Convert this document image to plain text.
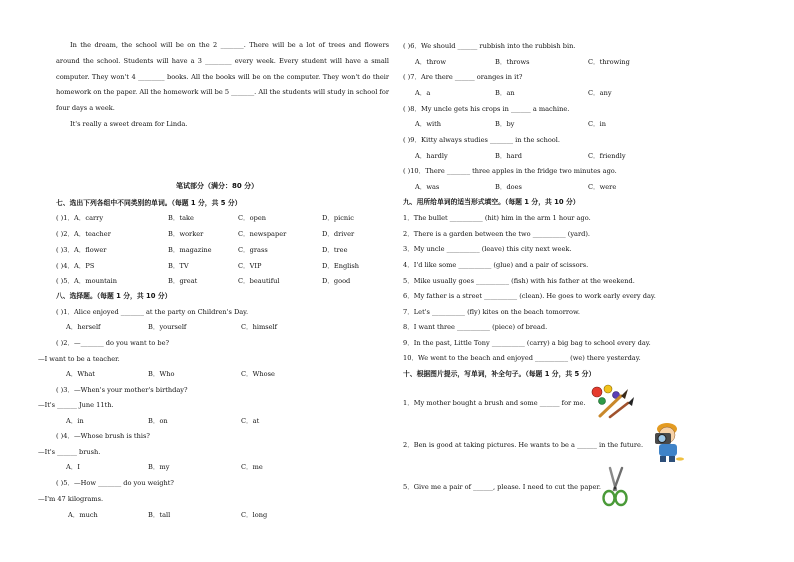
In the dream, the school will be on the 2 _______. There will be a lot of trees and flowers around the school. Students will have a 3 ________ every week. Every student will have a small computer. They won't 4 ________ books. All the books will be on the computer. They won't do their homework on the paper. All the homework will be 5 _______. All the students will study in school for four days a week.
It's really a sweet dream for Linda.
笔试部分（满分：80 分）
七、选出下列各组中不同类别的单词。（每题 1 分，共 5 分）
( )1．A．carry	B．take	C．open	D．picnic
( )2．A．teacher	B．worker	C．newspaper	D．driver
( )3．A．flower	B．magazine	C．grass	D．tree
( )4．A．PS	B．TV	C．VIP	D．English
( )5．A．mountain	B．great	C．beautiful	D．good
八、选择题。（每题 1 分，共 10 分）
( )1．Alice enjoyed _______ at the party on Children's Day.
A．herself	B．yourself	C．himself
( )2．—_______ do you want to be?
—I want to be a teacher.
A．What	B．Who	C．Whose
( )3．—When's your mother's birthday?
—It's ______ June 11th.
A．in	B．on	C．at
( )4．—Whose brush is this?
—It's ______ brush.
A．I	B．my	C．me
( )5．—How _______ do you weight?
—I'm 47 kilograms.
A．much	B．tall	C．long
( )6．We should ______ rubbish into the rubbish bin.
A．throw	B．throws	C．throwing
( )7．Are there ______ oranges in it?
A．a	B．an	C．any
( )8．My uncle gets his crops in ______ a machine.
A．with	B．by	C．in
( )9．Kitty always studies _______ in the school.
A．hardly	B．hard	C．friendly
( )10．There _______ three apples in the fridge two minutes ago.
A．was	B．does	C．were
九、用所给单词的适当形式填空。（每题 1 分，共 10 分）
1．The bullet __________ (hit) him in the arm 1 hour ago.
2．There is a garden between the two __________ (yard).
3．My uncle __________ (leave) this city next week.
4．I'd like some __________ (glue) and a pair of scissors.
5．Mike usually goes __________ (fish) with his father at the weekend.
6．My father is a street __________ (clean). He goes to work early every day.
7．Let's __________ (fly) kites on the beach tomorrow.
8．I want three __________ (piece) of bread.
9．In the past, Little Tony __________ (carry) a big bag to school every day.
10．We went to the beach and enjoyed __________ (we) there yesterday.
十、根据图片提示，写单词，补全句子。（每题 1 分，共 5 分）
1．My mother bought a brush and some ______ for me.
2．Ben is good at taking pictures. He wants to be a ______ in the future.
5．Give me a pair of ______, please. I need to cut the paper.
